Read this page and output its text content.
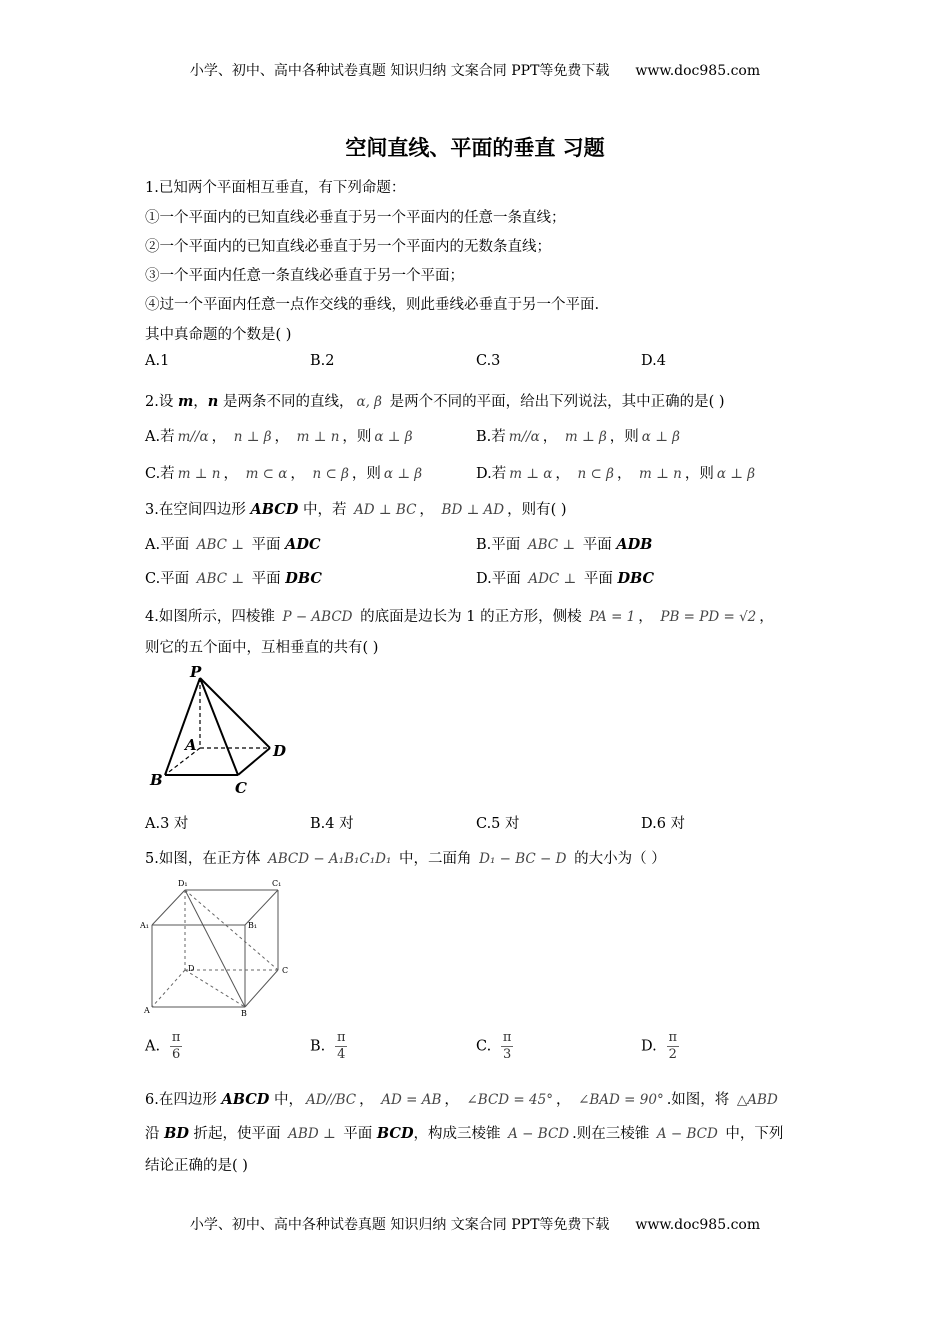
小学、初中、高中各种试卷真题 知识归纳 文案合同 PPT等免费下载 www.doc985.com
空间直线、平面的垂直 习题
1.已知两个平面相互垂直，有下列命题：
①一个平面内的已知直线必垂直于另一个平面内的任意一条直线；
②一个平面内的已知直线必垂直于另一个平面内的无数条直线；
③一个平面内任意一条直线必垂直于另一个平面；
④过一个平面内任意一点作交线的垂线，则此垂线必垂直于另一个平面.
其中真命题的个数是( )
A.1	B.2	C.3	D.4
2.设 m，n 是两条不同的直线， α, β 是两个不同的平面，给出下列说法，其中正确的是( )
A.若 m//α ， n ⊥ β ， m ⊥ n ，则 α ⊥ β	B.若 m//α ， m ⊥ β ，则 α ⊥ β
C.若 m ⊥ n ， m ⊂ α ， n ⊂ β ，则 α ⊥ β	D.若 m ⊥ α ， n ⊂ β ， m ⊥ n ，则 α ⊥ β
3.在空间四边形 ABCD 中，若 AD ⊥ BC ， BD ⊥ AD ，则有( )
A.平面 ABC ⊥ 平面 ADC	B.平面 ABC ⊥ 平面 ADB
C.平面 ABC ⊥ 平面 DBC	D.平面 ADC ⊥ 平面 DBC
4.如图所示，四棱锥 P − ABCD 的底面是边长为 1 的正方形，侧棱 PA = 1 ， PB = PD = √2 ，
则它的五个面中，互相垂直的共有( )
P
A
B	C
D
A.3 对	B.4 对	C.5 对	D.6 对
5.如图，在正方体 ABCD − A₁B₁C₁D₁ 中，二面角 D₁ − BC − D 的大小为（ ）
D₁	C₁
A₁	B₁
D	C
A	B
A. $\frac{\pi}{6}$	B. $\frac{\pi}{4}$	C. $\frac{\pi}{3}$	D. $\frac{\pi}{2}$
6.在四边形 ABCD 中， AD//BC ， AD = AB ， ∠BCD = 45° ， ∠BAD = 90° .如图，将 △ABD
沿 BD 折起，使平面 ABD ⊥ 平面 BCD，构成三棱锥 A − BCD .则在三棱锥 A − BCD 中，下列
结论正确的是( )
小学、初中、高中各种试卷真题 知识归纳 文案合同 PPT等免费下载 www.doc985.com
